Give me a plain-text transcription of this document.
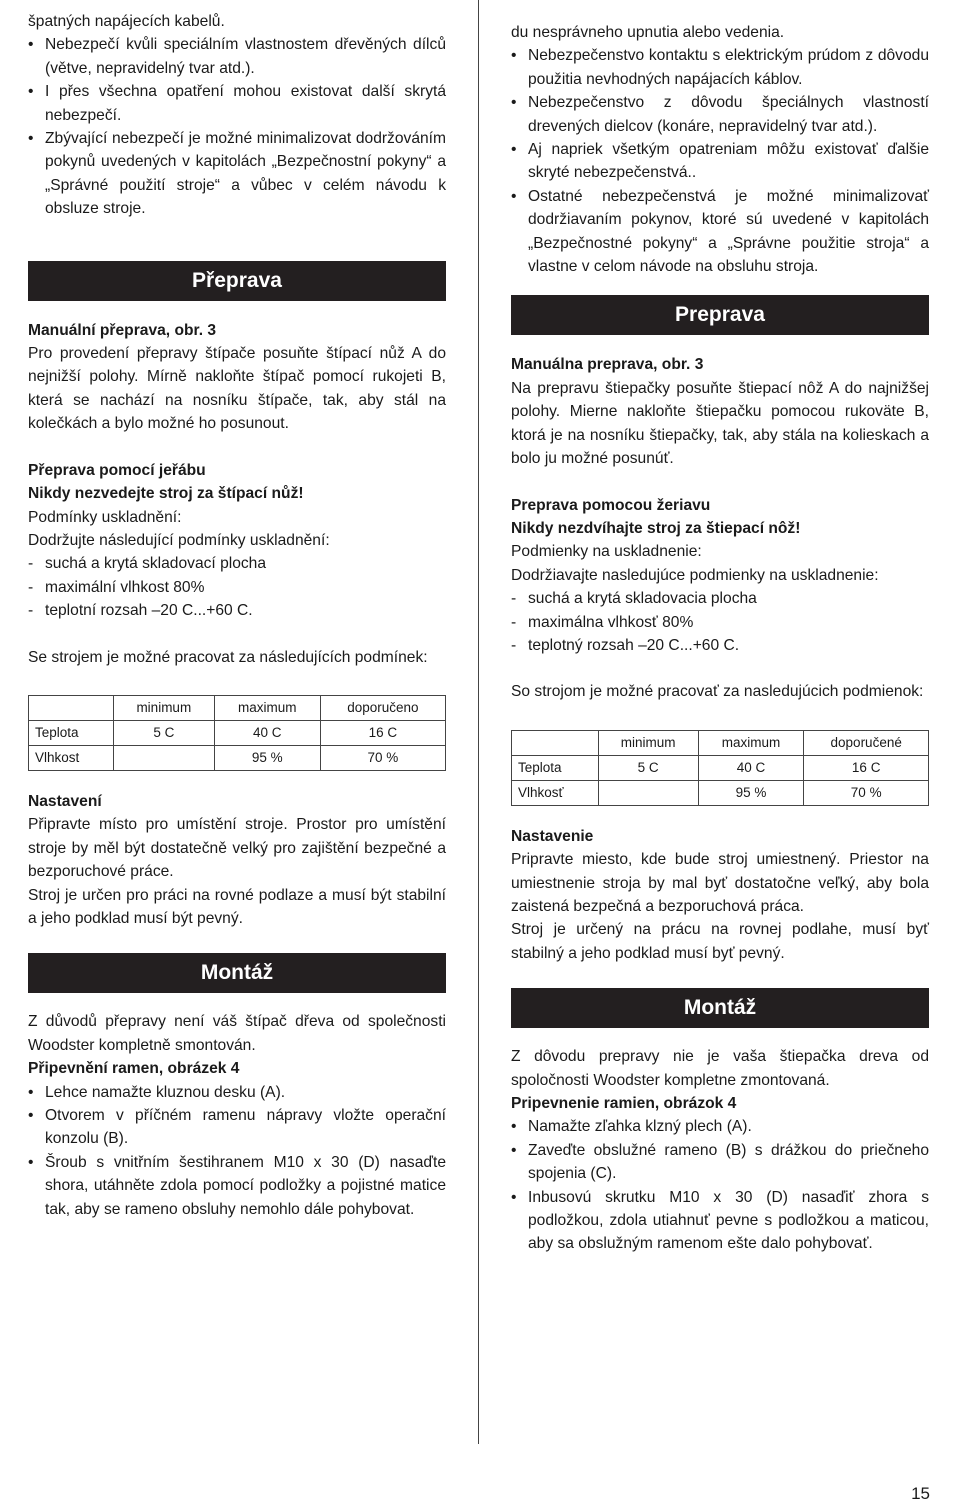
špatných napájecích kabelů.

• Nebezpečí kvůli speciálním vlastnostem dřevěných dílců (větve, nepravidelný tvar atd.).

• I přes všechna opatření mohou existovat další skrytá nebezpečí.

• Zbývající nebezpečí je možné minimalizovat dodržováním pokynů uvedených v kapitolách „Bezpečnostní pokyny“ a „Správné použití stroje“ a vůbec v celém návodu k obsluze stroje.

Přeprava

Manuální přeprava, obr. 3

Pro provedení přepravy štípače posuňte štípací nůž A do nejnižší polohy. Mírně nakloňte štípač pomocí rukojeti B, která se nachází na nosníku štípače, tak, aby stál na kolečkách a bylo možné ho posunout.

Přeprava pomocí jeřábu

Nikdy nezvedejte stroj za štípací nůž!

Podmínky uskladnění:

Dodržujte následující podmínky uskladnění:

- suchá a krytá skladovací plocha

- maximální vlhkost 80%

- teplotní rozsah –20 C...+60 C.

Se strojem je možné pracovat za následujících podmínek:

	minimum	maximum	doporučeno
Teplota	5 C	40 C	16 C
Vlhkost		95 %	70 %

Nastavení

Připravte místo pro umístění stroje. Prostor pro umístění stroje by měl být dostatečně velký pro zajištění bezpečné a bezporuchové práce.

Stroj je určen pro práci na rovné podlaze a musí být stabilní a jeho podklad musí být pevný.

Montáž

Z důvodů přepravy není váš štípač dřeva od společnosti Woodster kompletně smontován.

Připevnění ramen, obrázek 4

• Lehce namažte kluznou desku (A).

• Otvorem v příčném ramenu nápravy vložte operační konzolu (B).

• Šroub s vnitřním šestihranem M10 x 30 (D) nasaďte shora, utáhněte zdola pomocí podložky a pojistné matice tak, aby se rameno obsluhy nemohlo dále pohybovat.

du nesprávneho upnutia alebo vedenia.

• Nebezpečenstvo kontaktu s elektrickým prúdom z dôvodu použitia nevhodných napájacích káblov.

• Nebezpečenstvo z dôvodu špeciálnych vlastností drevených dielcov (konáre, nepravidelný tvar atd.).

• Aj napriek všetkým opatreniam môžu existovať ďalšie skryté nebezpečenstvá..

• Ostatné nebezpečenstvá je možné minimalizovať dodržiavaním pokynov, ktoré sú uvedené v kapitolách „Bezpečnostné pokyny“ a „Správne použitie stroja“ a vlastne v celom návode na obsluhu stroja.

Preprava

Manuálna preprava, obr. 3

Na prepravu štiepačky posuňte štiepací nôž A do najnižšej polohy. Mierne nakloňte štiepačku pomocou rukoväte B, ktorá je na nosníku štiepačky, tak, aby stála na kolieskach a bolo ju možné posunúť.

Preprava pomocou žeriavu

Nikdy nezdvíhajte stroj za štiepací nôž!

Podmienky na uskladnenie:

Dodržiavajte nasledujúce podmienky na uskladnenie:

- suchá a krytá skladovacia plocha

- maximálna vlhkosť 80%

- teplotný rozsah –20 C...+60 C.

So strojom je možné pracovať za nasledujúcich podmienok:

	minimum	maximum	doporučené
Teplota	5 C	40 C	16 C
Vlhkosť		95 %	70 %

Nastavenie

Pripravte miesto, kde bude stroj umiestnený. Priestor na umiestnenie stroja by mal byť dostatočne veľký, aby bola zaistená bezpečná a bezporuchová práca.

Stroj je určený na prácu na rovnej podlahe, musí byť stabilný a jeho podklad musí byť pevný.

Montáž

Z dôvodu prepravy nie je vaša štiepačka dreva od spoločnosti Woodster kompletne zmontovaná.

Pripevnenie ramien, obrázok 4

• Namažte zľahka klzný plech (A).

• Zaveďte obslužné rameno (B) s drážkou do priečneho spojenia (C).

• Inbusovú skrutku M10 x 30 (D) nasaďiť zhora s podložkou, zdola utiahnuť pevne s podložkou a maticou, aby sa obslužným ramenom ešte dalo pohybovať.

15
